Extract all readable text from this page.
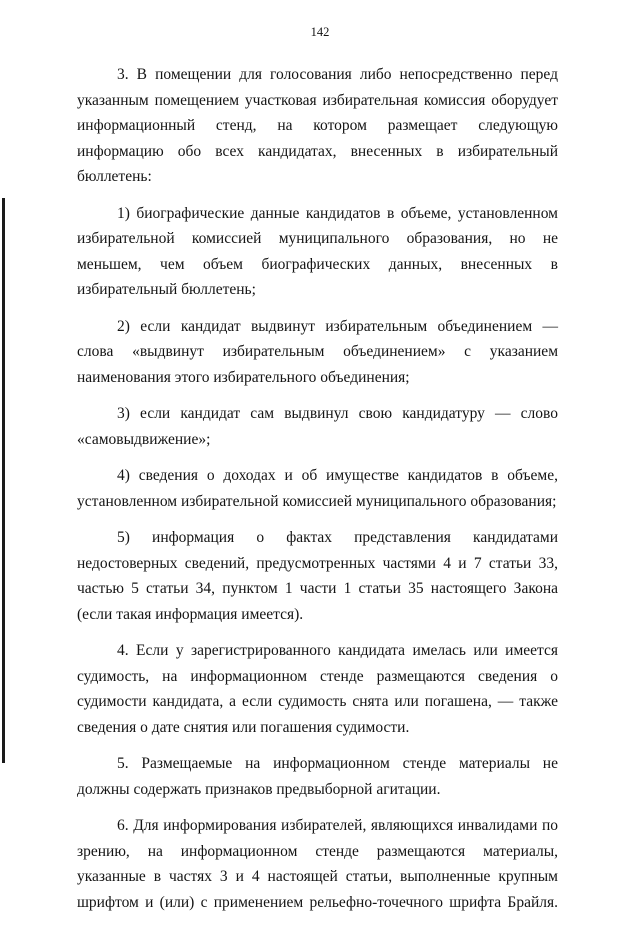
142

3. В помещении для голосования либо непосредственно перед указанным помещением участковая избирательная комиссия оборудует информационный стенд, на котором размещает следующую информацию обо всех кандидатах, внесенных в избирательный бюллетень:

1) биографические данные кандидатов в объеме, установленном избирательной комиссией муниципального образования, но не меньшем, чем объем биографических данных, внесенных в избирательный бюллетень;

2) если кандидат выдвинут избирательным объединением — слова «выдвинут избирательным объединением» с указанием наименования этого избирательного объединения;

3) если кандидат сам выдвинул свою кандидатуру — слово «самовыдвижение»;

4) сведения о доходах и об имуществе кандидатов в объеме, установленном избирательной комиссией муниципального образования;

5) информация о фактах представления кандидатами недостоверных сведений, предусмотренных частями 4 и 7 статьи 33, частью 5 статьи 34, пунктом 1 части 1 статьи 35 настоящего Закона (если такая информация имеется).

4. Если у зарегистрированного кандидата имелась или имеется судимость, на информационном стенде размещаются сведения о судимости кандидата, а если судимость снята или погашена, — также сведения о дате снятия или погашения судимости.

5. Размещаемые на информационном стенде материалы не должны содержать признаков предвыборной агитации.

6. Для информирования избирателей, являющихся инвалидами по зрению, на информационном стенде размещаются материалы, указанные в частях 3 и 4 настоящей статьи, выполненные крупным шрифтом и (или) с применением рельефно-точечного шрифта Брайля.
